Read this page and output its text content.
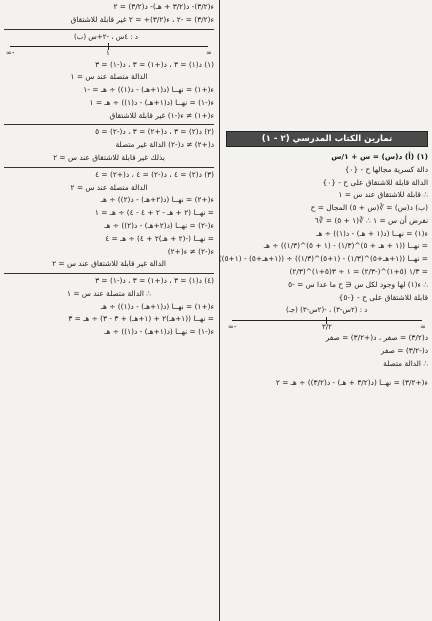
تمارين الكتاب المدرسي (٢ - ١)
(١) (أ) د(س) = س + ١/س
دالة كسرية مجالها ح - {٠}
الدالة قابلة للاشتقاق على ح - {٠}
∴ قابلة للاشتقاق عند س = ١
(ب) د(س) = ∛(س + ٥) المجال = ح
نفرض أن س = ١ ∴ ∛(١ + ٥) = ∛٦
ء(١) = نهــا (د(١ + هـ) - د(١)) ÷ هـ
= نهــا ((١ + هـ + ٥)^(١/٣) - (١ + ٥)^(١/٣)) ÷ هـ
= نهــا ((١+هـ+٥)^(١/٣) - (١+٥)^(١/٣)) ÷ ((١+هـ+٥) - (١+٥))
= ١/٣ (٥+١)^(-٢/٣) = ١ ÷ ٣(٥+١)^(٢/٣)
∴ ء(١) لها وجود لكل س ∈ ح ما عدا س = -٥
قابلة للاشتقاق على ح - {-٥}
(جـ) د : (٢س-٣) ، -(٢س-٣)
∞-	∞
٣/٢
د(٣/٢) = صفر ، د(+٣/٢) = صفر
د(-٣/٢) = صفر
∴ الدالة متصلة
ء(+٣/٢) = نهــا (د(٣/٢ + هـ) - د(٣/٢)) ÷ هـ = ٢
ء(٣/٢)- د(٣/٢ + هـ)- د(٣/٢) = ٢
ء(٣/٢) = -٢ ، ء(٣/٢)+ = ٢ غير قابلة للاشتقاق
(ب) د : ٤س ، -٢+س
∞-	∞
١
(١) د(١) = ٣ ، د(+١) = ٣ ، د(-١) = ٣
الدالة متصلة عند س = ١
ء(+١) = نهــا (د(١+هـ) - د(١)) ÷ هـ = -١
ء(-١) = نهــا (د(١+هـ) - د(١)) ÷ هـ = ١
ء(+١) ≠ ء(-١) غير قابلة للاشتقاق
(٢) د(٢) = ٣ ، د(+٢) = ٣ ، د(-٢) = ٥
د(+٢) ≠ د(-٢) الدالة غير متصلة
بذلك غير قابلة للاشتقاق عند س = ٢
(٣) د(٢) = ٤ ، د(-٢) = ٤ ، د(+٢) = ٤
الدالة متصلة عند س = ٢
ء(+٢) = نهــا (د(٢+هـ) - د(٢)) ÷ هـ
= نهــا (٢ + هـ - ٢ + ٤ - ٤) ÷ هـ = ١
ء(-٢) = نهــا (د(٢+هـ) - د(٢)) ÷ هـ
= نهــا (-(٢ + هـ)٢ + ٤) ÷ هـ = ٤
ء(-٢) ≠ ء(+٢)
الدالة غير قابلة للاشتقاق عند س = ٢
(٤) د(١) = ٣ ، د(+١) = ٣ ، د(-١) = ٣
∴ الدالة متصلة عند س = ١
ء(+١) = نهــا (د(١+هـ) - د(١)) ÷ هـ
= نهــا ((١+هـ)٢ + (١+هـ) + ٣ - ٣) ÷ هـ = ٣
ء(-١) = نهــا (د(١+هـ) - د(١)) ÷ هـ
